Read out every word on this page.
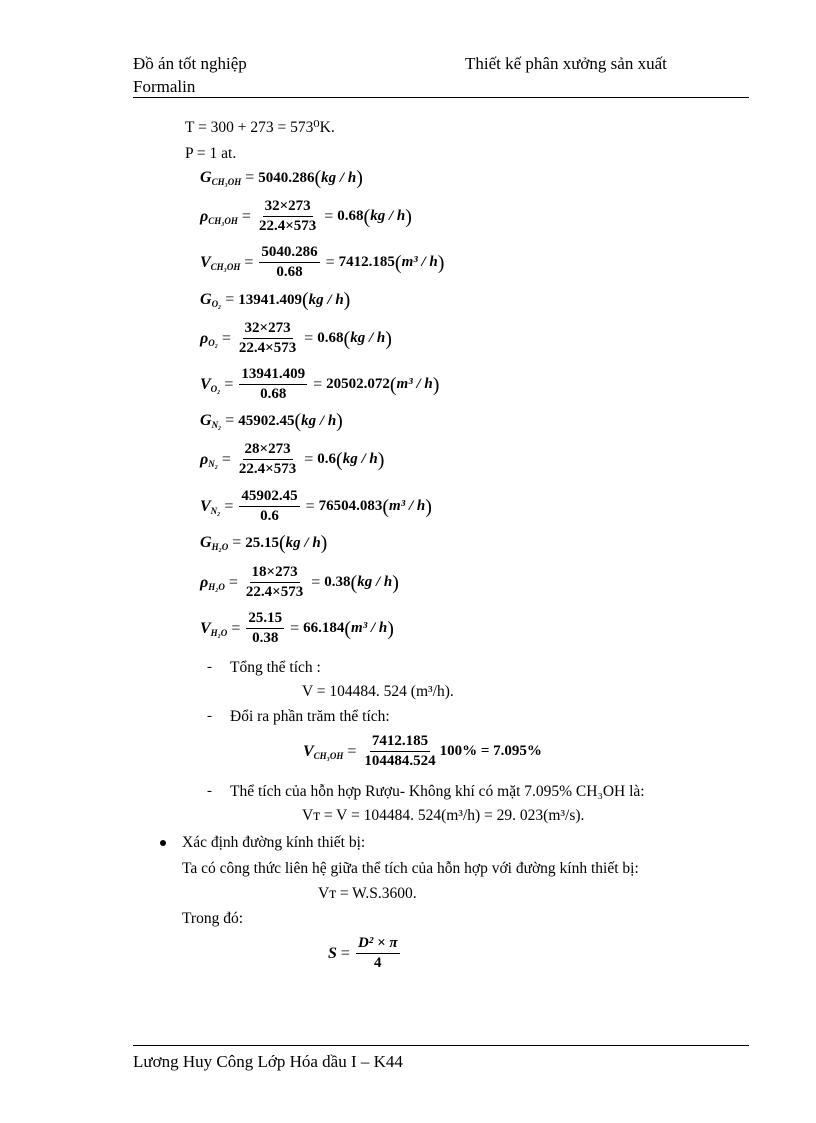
Đồ án tốt nghiệp
Formalin
Thiết kế phân xưởng sản xuất
T = 300 + 273 = 573⁰K.
P = 1 at.
$G_{CH_3OH} = 5040.286$ ( kg / h )
$\rho_{CH_3OH} = \frac{32\times 273}{22.4\times 573} = 0.68$ ( kg / h )
$V_{CH_3OH} = \frac{5040.286}{0.68} = 7412.185$ ( m³ / h )
$G_{O_2} = 13941.409$ ( kg / h )
$\rho_{O_2} = \frac{32\times 273}{22.4\times 573} = 0.68$ ( kg / h )
$V_{O_2} = \frac{13941.409}{0.68} = 20502.072$ ( m³ / h )
$G_{N_2} = 45902.45$ ( kg / h )
$\rho_{N_2} = \frac{28\times 273}{22.4\times 573} = 0.6$ ( kg / h )
$V_{N_2} = \frac{45902.45}{0.6} = 76504.083$ ( m³ / h )
$G_{H_2O} = 25.15$ ( kg / h )
$\rho_{H_2O} = \frac{18\times 273}{22.4\times 573} = 0.38$ ( kg / h )
$V_{H_2O} = \frac{25.15}{0.38} = 66.184$ ( m³ / h )
- Tổng thể tích :
V = 104484. 524 (m³/h).
- Đổi ra phần trăm thể tích:
$V_{CH_3OH} = \frac{7412.185}{104484.524} 100\% = 7.095\%$
- Thể tích của hỗn hợp Rượu- Không khí có mặt 7.095% CH₃OH là:
Vᴛ = V = 104484. 524(m³/h) = 29. 023(m³/s).
Xác định đường kính thiết bị:
Ta có công thức liên hệ giữa thể tích của hỗn hợp với đường kính thiết bị:
Vᴛ = W.S.3600.
Trong đó:
$S = \frac{\text{D² × π}}{4}$
Lương Huy Công Lớp Hóa dầu I – K44
